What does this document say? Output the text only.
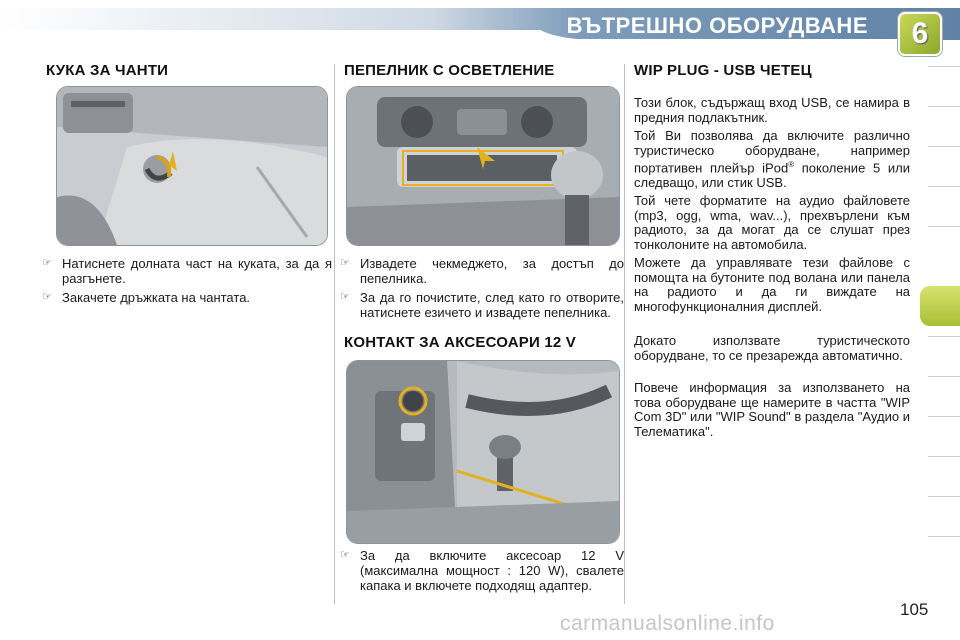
ВЪТРЕШНО ОБОРУДВАНЕ 6
КУКА ЗА ЧАНТИ
☞ Натиснете долната част на куката, за да я разгънете.
☞ Закачете дръжката на чантата.
ПЕПЕЛНИК С ОСВЕТЛЕНИЕ
☞ Извадете чекмеджето, за достъп до пепелника.
☞ За да го почистите, след като го отворите, натиснете езичето и извадете пепелника.
КОНТАКТ ЗА АКСЕСОАРИ 12 V
☞ За да включите аксесоар 12 V (максимална мощност : 120 W), свалете капака и включете подходящ адаптер.
WIP PLUG - USB ЧЕТЕЦ

Този блок, съдържащ вход USB, се намира в предния подлакътник.

Той Ви позволява да включите различно туристическо оборудване, например портативен плейър iPod® поколение 5 или следващо, или стик USB.

Той чете форматите на аудио файловете (mp3, ogg, wma, wav...), прехвърлени към радиото, за да могат да се слушат през тонколоните на автомобила.

Можете да управлявате тези файлове с помощта на бутоните под волана или панела на радиото и да ги виждате на многофункционалния дисплей.

Докато използвате туристическото оборудване, то се презарежда автоматично.

Повече информация за използването на това оборудване ще намерите в частта "WIP Com 3D" или "WIP Sound" в раздела "Аудио и Телематика".

105
carmanualsonline.info
